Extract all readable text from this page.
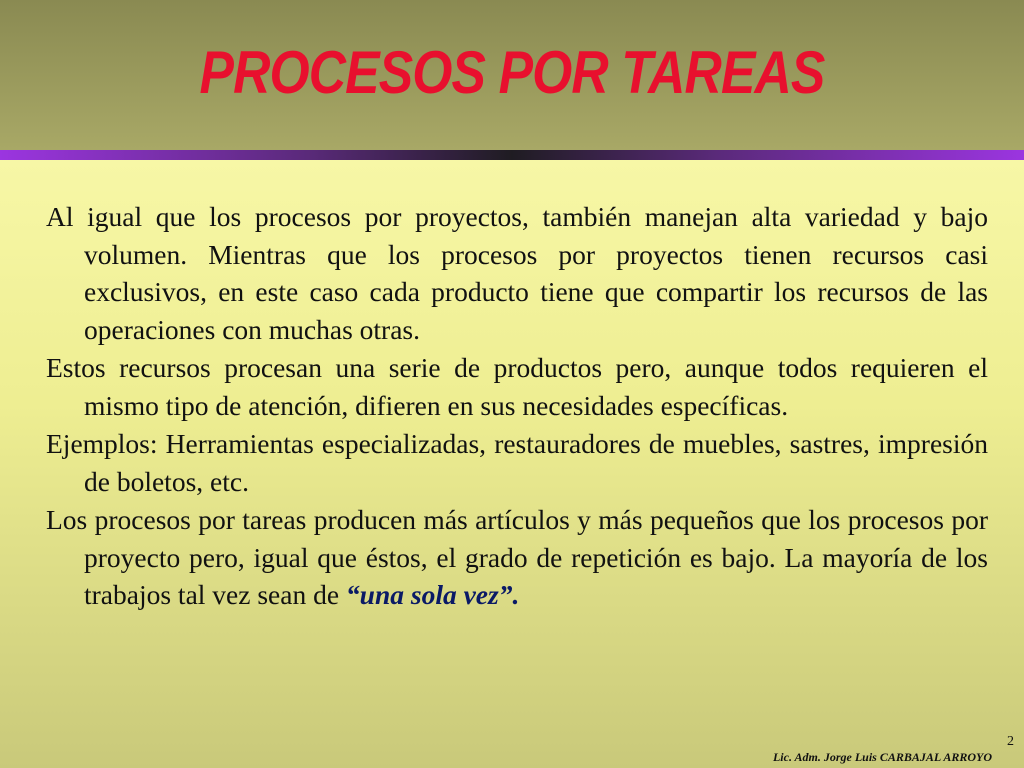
PROCESOS POR TAREAS

Al igual que los procesos por proyectos, también manejan alta variedad y bajo volumen. Mientras que los procesos por proyectos tienen recursos casi exclusivos, en este caso cada producto tiene que compartir los recursos de las operaciones con muchas otras.

Estos recursos procesan una serie de productos pero, aunque todos requieren el mismo tipo de atención, difieren en sus necesidades específicas.

Ejemplos: Herramientas especializadas, restauradores de muebles, sastres, impresión de boletos, etc.

Los procesos por tareas producen más artículos y más pequeños que los procesos por proyecto pero, igual que éstos, el grado de repetición es bajo. La mayoría de los trabajos tal vez sean de “una sola vez”.

2
Lic. Adm. Jorge Luis CARBAJAL ARROYO
